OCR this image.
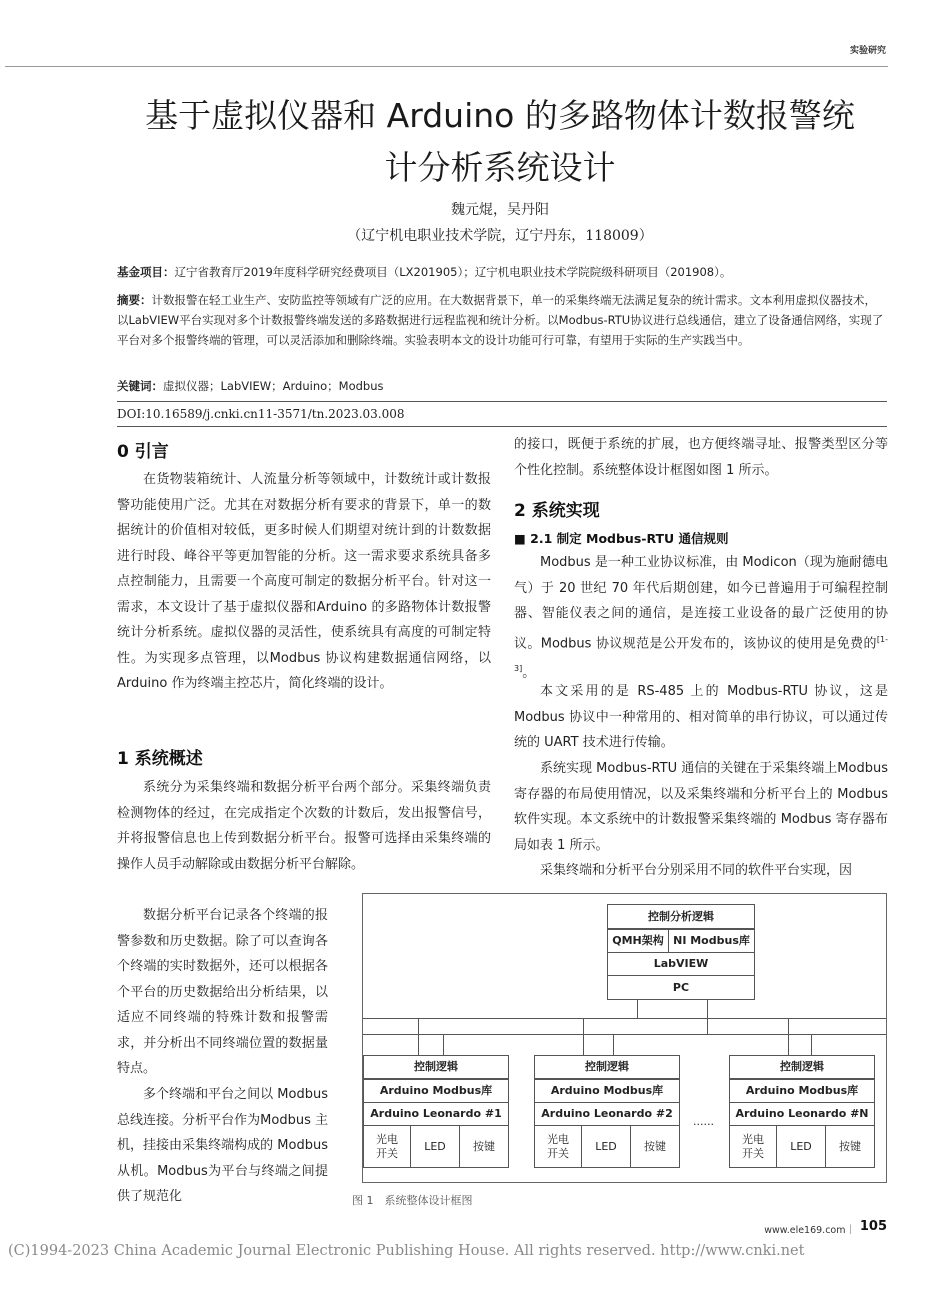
实验研究
基于虚拟仪器和 Arduino 的多路物体计数报警统
计分析系统设计
魏元焜，吴丹阳
（辽宁机电职业技术学院，辽宁丹东，118009）
基金项目：辽宁省教育厅2019年度科学研究经费项目（LX201905）；辽宁机电职业技术学院院级科研项目（201908）。
摘要：计数报警在轻工业生产、安防监控等领域有广泛的应用。在大数据背景下，单一的采集终端无法满足复杂的统计需求。文本利用虚拟仪器技术，以LabVIEW平台实现对多个计数报警终端发送的多路数据进行远程监视和统计分析。以Modbus-RTU协议进行总线通信，建立了设备通信网络，实现了平台对多个报警终端的管理，可以灵活添加和删除终端。实验表明本文的设计功能可行可靠，有望用于实际的生产实践当中。
关键词：虚拟仪器；LabVIEW；Arduino；Modbus
DOI:10.16589/j.cnki.cn11-3571/tn.2023.03.008
0 引言
在货物装箱统计、人流量分析等领域中，计数统计或计数报警功能使用广泛。尤其在对数据分析有要求的背景下，单一的数据统计的价值相对较低，更多时候人们期望对统计到的计数数据进行时段、峰谷平等更加智能的分析。这一需求要求系统具备多点控制能力，且需要一个高度可制定的数据分析平台。针对这一需求，本文设计了基于虚拟仪器和Arduino 的多路物体计数报警统计分析系统。虚拟仪器的灵活性，使系统具有高度的可制定特性。为实现多点管理，以Modbus 协议构建数据通信网络，以 Arduino 作为终端主控芯片，简化终端的设计。
1 系统概述
系统分为采集终端和数据分析平台两个部分。采集终端负责检测物体的经过，在完成指定个次数的计数后，发出报警信号，并将报警信息也上传到数据分析平台。报警可选择由采集终端的操作人员手动解除或由数据分析平台解除。
数据分析平台记录各个终端的报警参数和历史数据。除了可以查询各个终端的实时数据外，还可以根据各个平台的历史数据给出分析结果，以适应不同终端的特殊计数和报警需求，并分析出不同终端位置的数据量特点。
多个终端和平台之间以 Modbus 总线连接。分析平台作为Modbus 主机，挂接由采集终端构成的 Modbus 从机。Modbus为平台与终端之间提供了规范化
的接口，既便于系统的扩展，也方便终端寻址、报警类型区分等个性化控制。系统整体设计框图如图 1 所示。
2 系统实现
■ 2.1 制定 Modbus-RTU 通信规则
Modbus 是一种工业协议标准，由 Modicon（现为施耐德电气）于 20 世纪 70 年代后期创建，如今已普遍用于可编程控制器、智能仪表之间的通信，是连接工业设备的最广泛使用的协议。Modbus 协议规范是公开发布的，该协议的使用是免费的[1-3]。
本文采用的是 RS-485 上的 Modbus-RTU 协议，这是Modbus 协议中一种常用的、相对简单的串行协议，可以通过传统的 UART 技术进行传输。
系统实现 Modbus-RTU 通信的关键在于采集终端上Modbus 寄存器的布局使用情况，以及采集终端和分析平台上的 Modbus 软件实现。本文系统中的计数报警采集终端的 Modbus 寄存器布局如表 1 所示。
采集终端和分析平台分别采用不同的软件平台实现，因
控制分析逻辑
QMH架构 NI Modbus库
LabVIEW
PC
控制逻辑
Arduino Modbus库
Arduino Leonardo #1
光电开关
LED	按键
控制逻辑
Arduino Modbus库
Arduino Leonardo #2
光电开关
LED	按键
......
控制逻辑
Arduino Modbus库
Arduino Leonardo #N
光电开关
LED	按键
图 1　系统整体设计框图
www.ele169.com｜ 105
(C)1994-2023 China Academic Journal Electronic Publishing House. All rights reserved. http://www.cnki.net
